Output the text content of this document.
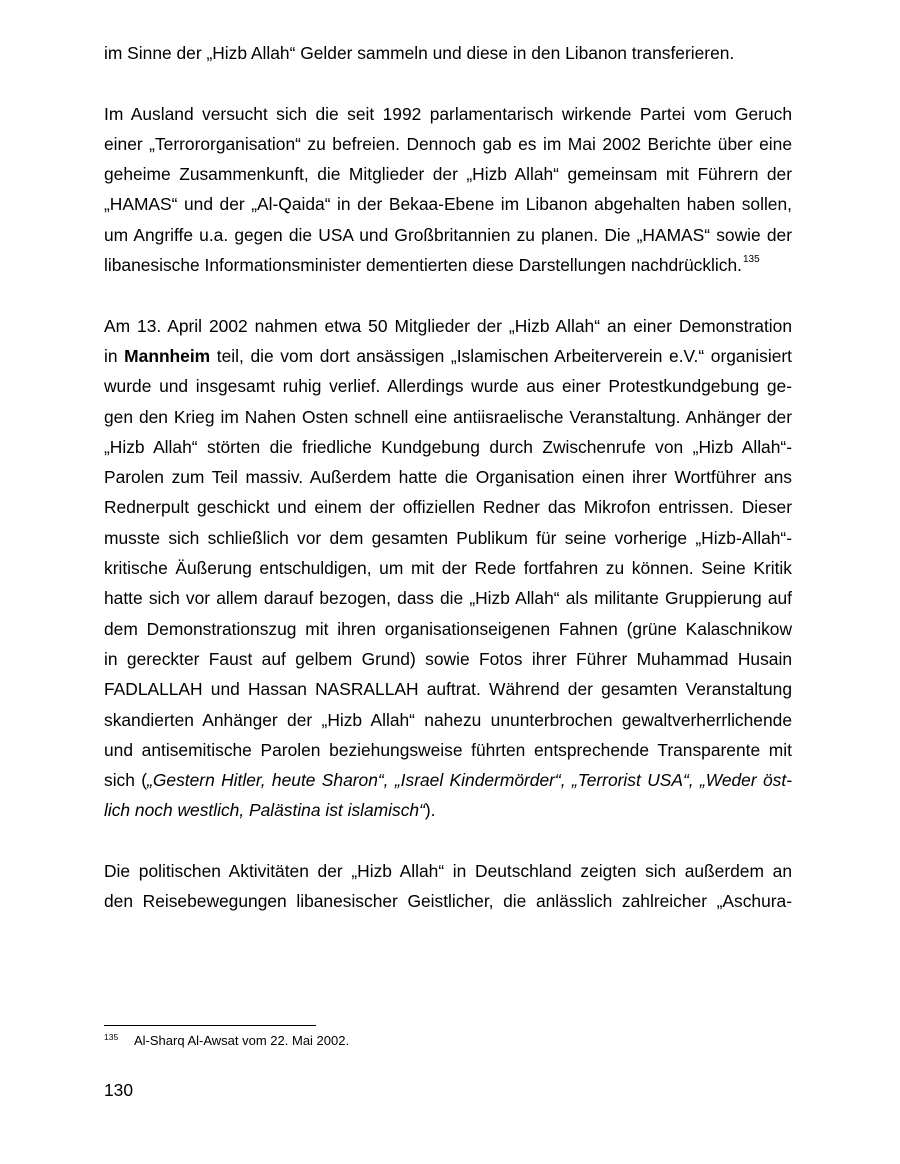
im Sinne der „Hizb Allah“ Gelder sammeln und diese in den Libanon transferieren.
Im Ausland versucht sich die seit 1992 parlamentarisch wirkende Partei vom Geruch
einer „Terrororganisation“ zu befreien. Dennoch gab es im Mai 2002 Berichte über eine
geheime Zusammenkunft, die Mitglieder der „Hizb Allah“ gemeinsam mit Führern der
„HAMAS“ und der „Al-Qaida“ in der Bekaa-Ebene im Libanon abgehalten haben sollen,
um Angriffe u.a. gegen die USA und Großbritannien zu planen. Die „HAMAS“ sowie der
libanesische Informationsminister dementierten diese Darstellungen nachdrücklich.$^{135}$
Am 13. April 2002 nahmen etwa 50 Mitglieder der „Hizb Allah“ an einer Demonstration
in Mannheim teil, die vom dort ansässigen „Islamischen Arbeiterverein e.V.“ organisiert
wurde und insgesamt ruhig verlief. Allerdings wurde aus einer Protestkundgebung ge-
gen den Krieg im Nahen Osten schnell eine antiisraelische Veranstaltung. Anhänger der
„Hizb Allah“ störten die friedliche Kundgebung durch Zwischenrufe von „Hizb Allah“-
Parolen zum Teil massiv. Außerdem hatte die Organisation einen ihrer Wortführer ans
Rednerpult geschickt und einem der offiziellen Redner das Mikrofon entrissen. Dieser
musste sich schließlich vor dem gesamten Publikum für seine vorherige „Hizb-Allah“-
kritische Äußerung entschuldigen, um mit der Rede fortfahren zu können. Seine Kritik
hatte sich vor allem darauf bezogen, dass die „Hizb Allah“ als militante Gruppierung auf
dem Demonstrationszug mit ihren organisationseigenen Fahnen (grüne Kalaschnikow
in gereckter Faust auf gelbem Grund) sowie Fotos ihrer Führer Muhammad Husain
FADLALLAH und Hassan NASRALLAH auftrat. Während der gesamten Veranstaltung
skandierten Anhänger der „Hizb Allah“ nahezu ununterbrochen gewaltverherrlichende
und antisemitische Parolen beziehungsweise führten entsprechende Transparente mit
sich („Gestern Hitler, heute Sharon“, „Israel Kindermörder“, „Terrorist USA“, „Weder öst-
lich noch westlich, Palästina ist islamisch“).
Die politischen Aktivitäten der „Hizb Allah“ in Deutschland zeigten sich außerdem an
den Reisebewegungen libanesischer Geistlicher, die anlässlich zahlreicher „Aschura-
135 Al-Sharq Al-Awsat vom 22. Mai 2002.
130
